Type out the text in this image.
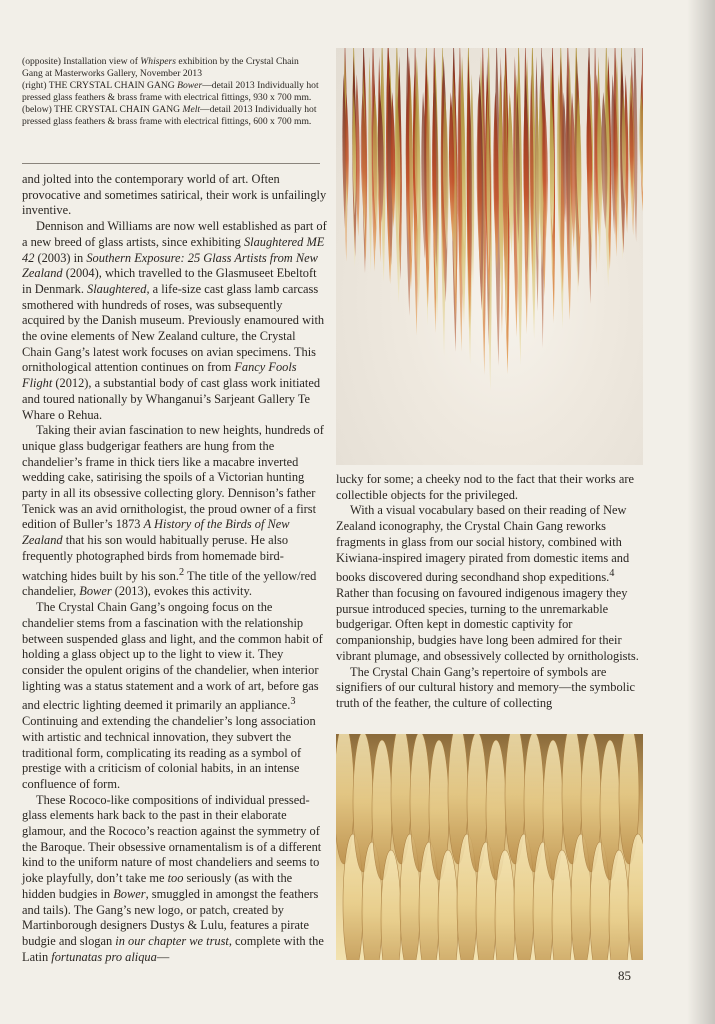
(opposite) Installation view of Whispers exhibition by the Crystal Chain Gang at Masterworks Gallery, November 2013

(right) THE CRYSTAL CHAIN GANG Bower—detail 2013 Individually hot pressed glass feathers & brass frame with electrical fittings, 930 x 700 mm.

(below) THE CRYSTAL CHAIN GANG Melt—detail 2013 Individually hot pressed glass feathers & brass frame with electrical fittings, 600 x 700 mm.

and jolted into the contemporary world of art. Often provocative and sometimes satirical, their work is unfailingly inventive.

Dennison and Williams are now well established as part of a new breed of glass artists, since exhibiting Slaughtered ME 42 (2003) in Southern Exposure: 25 Glass Artists from New Zealand (2004), which travelled to the Glasmuseet Ebeltoft in Denmark. Slaughtered, a life-size cast glass lamb carcass smothered with hundreds of roses, was subsequently acquired by the Danish museum. Previously enamoured with the ovine elements of New Zealand culture, the Crystal Chain Gang’s latest work focuses on avian specimens. This ornithological attention continues on from Fancy Fools Flight (2012), a substantial body of cast glass work initiated and toured nationally by Whanganui’s Sarjeant Gallery Te Whare o Rehua.

Taking their avian fascination to new heights, hundreds of unique glass budgerigar feathers are hung from the chandelier’s frame in thick tiers like a macabre inverted wedding cake, satirising the spoils of a Victorian hunting party in all its obsessive collecting glory. Dennison’s father Tenick was an avid ornithologist, the proud owner of a first edition of Buller’s 1873 A History of the Birds of New Zealand that his son would habitually peruse. He also frequently photographed birds from homemade bird-watching hides built by his son.$^2$ The title of the yellow/red chandelier, Bower (2013), evokes this activity.

The Crystal Chain Gang’s ongoing focus on the chandelier stems from a fascination with the relationship between suspended glass and light, and the common habit of holding a glass object up to the light to view it. They consider the opulent origins of the chandelier, when interior lighting was a status statement and a work of art, before gas and electric lighting deemed it primarily an appliance.$^3$ Continuing and extending the chandelier’s long association with artistic and technical innovation, they subvert the traditional form, complicating its reading as a symbol of prestige with a criticism of colonial habits, in an intense confluence of form.

These Rococo-like compositions of individual pressed-glass elements hark back to the past in their elaborate glamour, and the Rococo’s reaction against the symmetry of the Baroque. Their obsessive ornamentalism is of a different kind to the uniform nature of most chandeliers and seems to joke playfully, don’t take me too seriously (as with the hidden budgies in Bower, smuggled in amongst the feathers and tails). The Gang’s new logo, or patch, created by Martinborough designers Dustys & Lulu, features a pirate budgie and slogan in our chapter we trust, complete with the Latin fortunatas pro aliqua—

lucky for some; a cheeky nod to the fact that their works are collectible objects for the privileged.

With a visual vocabulary based on their reading of New Zealand iconography, the Crystal Chain Gang reworks fragments in glass from our social history, combined with Kiwiana-inspired imagery pirated from domestic items and books discovered during secondhand shop expeditions.$^4$ Rather than focusing on favoured indigenous imagery they pursue introduced species, turning to the unremarkable budgerigar. Often kept in domestic captivity for companionship, budgies have long been admired for their vibrant plumage, and obsessively collected by ornithologists.

The Crystal Chain Gang’s repertoire of symbols are signifiers of our cultural history and memory—the symbolic truth of the feather, the culture of collecting

85
